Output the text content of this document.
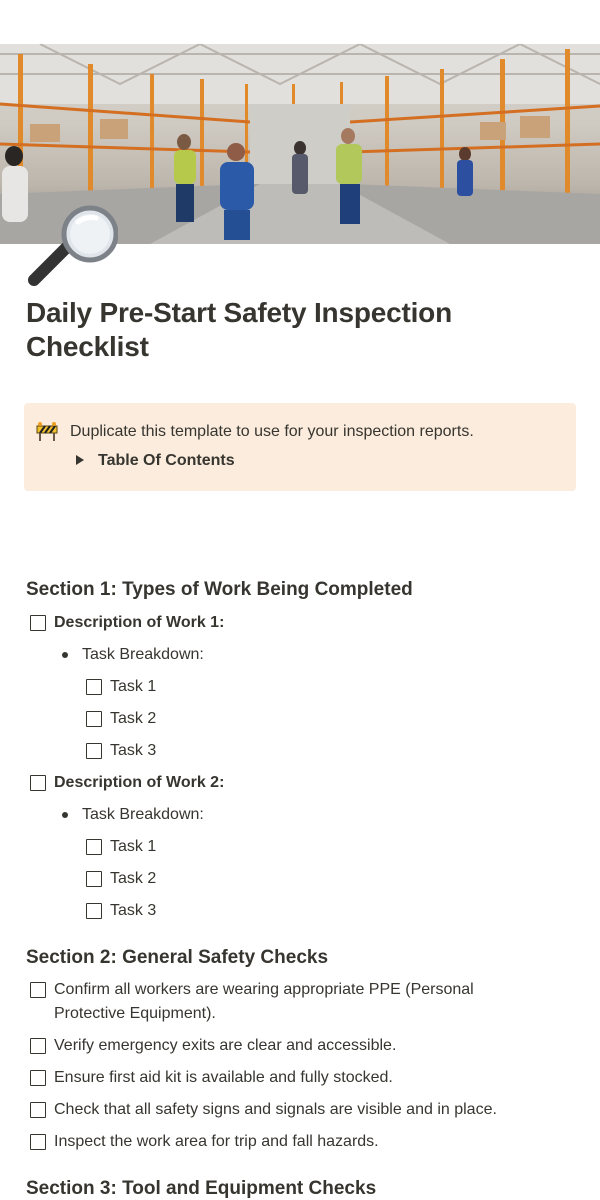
Daily Pre-Start Safety Inspection Checklist
Duplicate this template to use for your inspection reports.
Table Of Contents
Section 1: Types of Work Being Completed
Description of Work 1:
Task Breakdown:
Task 1
Task 2
Task 3
Description of Work 2:
Task Breakdown:
Task 1
Task 2
Task 3
Section 2: General Safety Checks
Confirm all workers are wearing appropriate PPE (Personal Protective Equipment).
Verify emergency exits are clear and accessible.
Ensure first aid kit is available and fully stocked.
Check that all safety signs and signals are visible and in place.
Inspect the work area for trip and fall hazards.
Section 3: Tool and Equipment Checks
